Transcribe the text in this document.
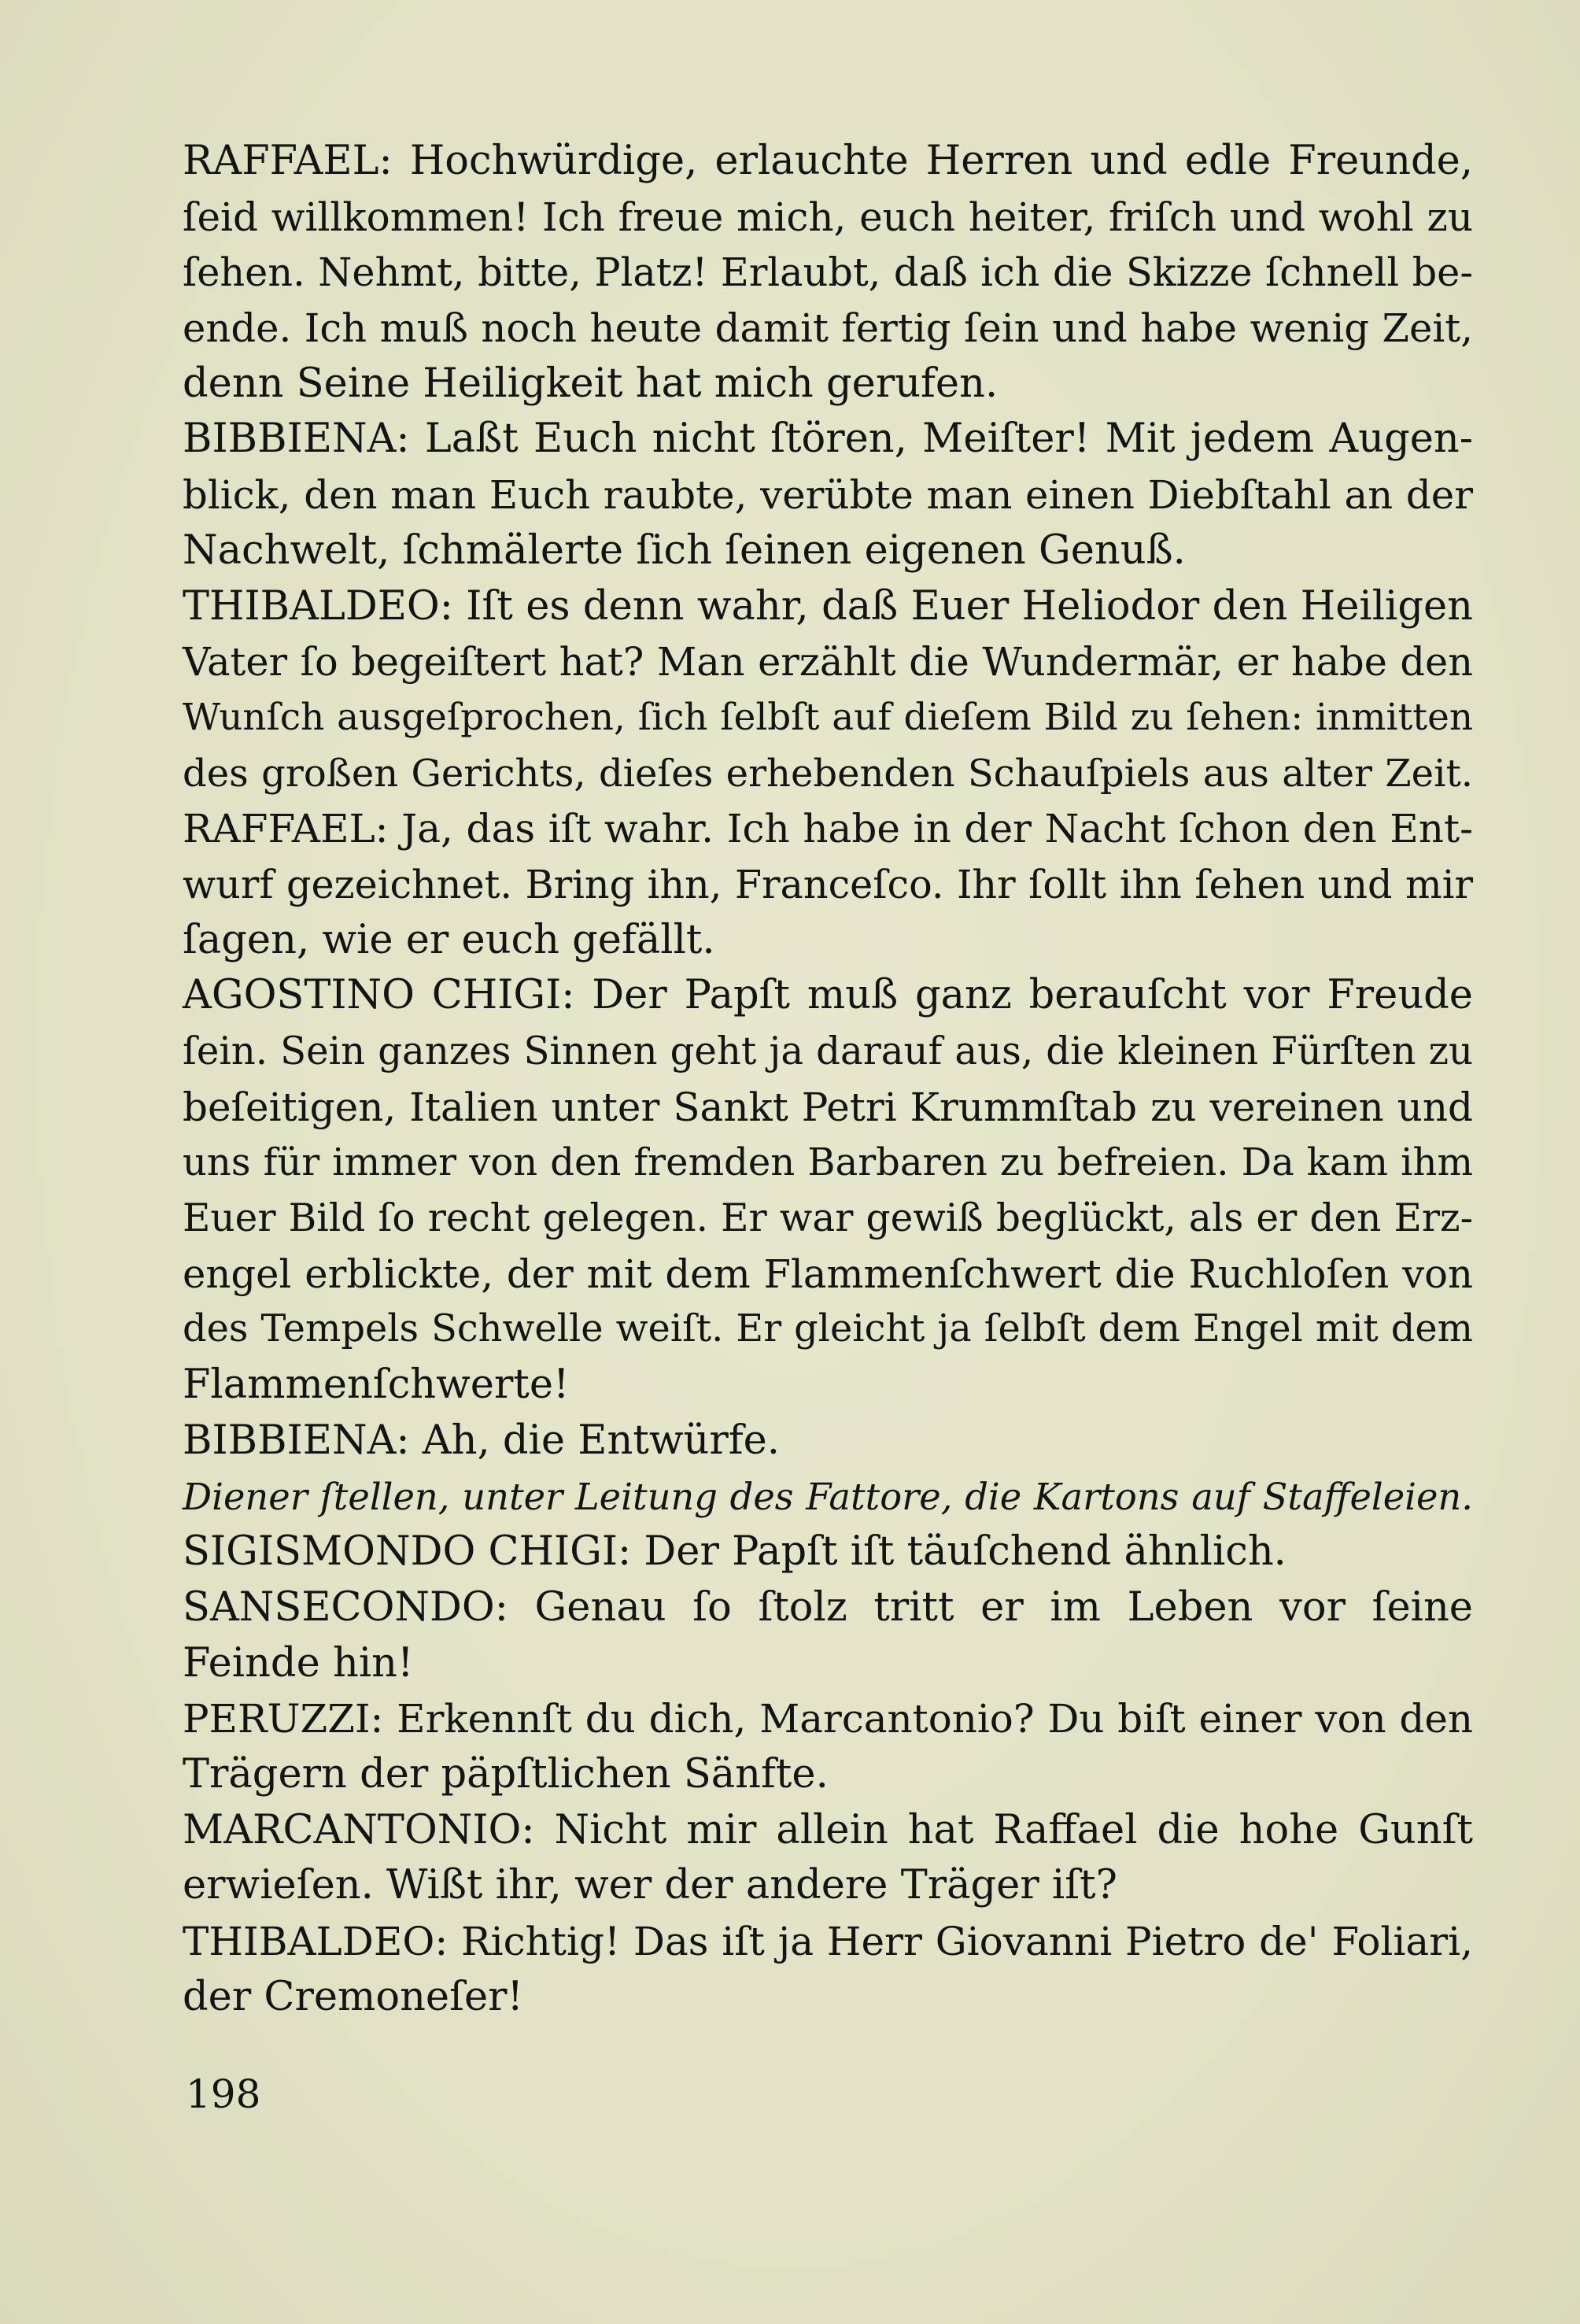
RAFFAEL: Hochwürdige, erlauchte Herren und edle Freunde,
ſeid willkommen! Ich freue mich, euch heiter, friſch und wohl zu
ſehen. Nehmt, bitte, Platz! Erlaubt, daß ich die Skizze ſchnell be-
ende. Ich muß noch heute damit fertig ſein und habe wenig Zeit,
denn Seine Heiligkeit hat mich gerufen.
BIBBIENA: Laßt Euch nicht ſtören, Meiſter! Mit jedem Augen-
blick, den man Euch raubte, verübte man einen Diebſtahl an der
Nachwelt, ſchmälerte ſich ſeinen eigenen Genuß.
THIBALDEO: Iſt es denn wahr, daß Euer Heliodor den Heiligen
Vater ſo begeiſtert hat? Man erzählt die Wundermär, er habe den
Wunſch ausgeſprochen, ſich ſelbſt auf dieſem Bild zu ſehen: inmitten
des großen Gerichts, dieſes erhebenden Schauſpiels aus alter Zeit.
RAFFAEL: Ja, das iſt wahr. Ich habe in der Nacht ſchon den Ent-
wurf gezeichnet. Bring ihn, Franceſco. Ihr ſollt ihn ſehen und mir
ſagen, wie er euch gefällt.
AGOSTINO CHIGI: Der Papſt muß ganz berauſcht vor Freude
ſein. Sein ganzes Sinnen geht ja darauf aus, die kleinen Fürſten zu
beſeitigen, Italien unter Sankt Petri Krummſtab zu vereinen und
uns für immer von den fremden Barbaren zu befreien. Da kam ihm
Euer Bild ſo recht gelegen. Er war gewiß beglückt, als er den Erz-
engel erblickte, der mit dem Flammenſchwert die Ruchloſen von
des Tempels Schwelle weiſt. Er gleicht ja ſelbſt dem Engel mit dem
Flammenſchwerte!
BIBBIENA: Ah, die Entwürfe.
Diener ſtellen, unter Leitung des Fattore, die Kartons auf Staffeleien.
SIGISMONDO CHIGI: Der Papſt iſt täuſchend ähnlich.
SANSECONDO: Genau ſo ſtolz tritt er im Leben vor ſeine
Feinde hin!
PERUZZI: Erkennſt du dich, Marcantonio? Du biſt einer von den
Trägern der päpſtlichen Sänfte.
MARCANTONIO: Nicht mir allein hat Raffael die hohe Gunſt
erwieſen. Wißt ihr, wer der andere Träger iſt?
THIBALDEO: Richtig! Das iſt ja Herr Giovanni Pietro de' Foliari,
der Cremoneſer!
198
